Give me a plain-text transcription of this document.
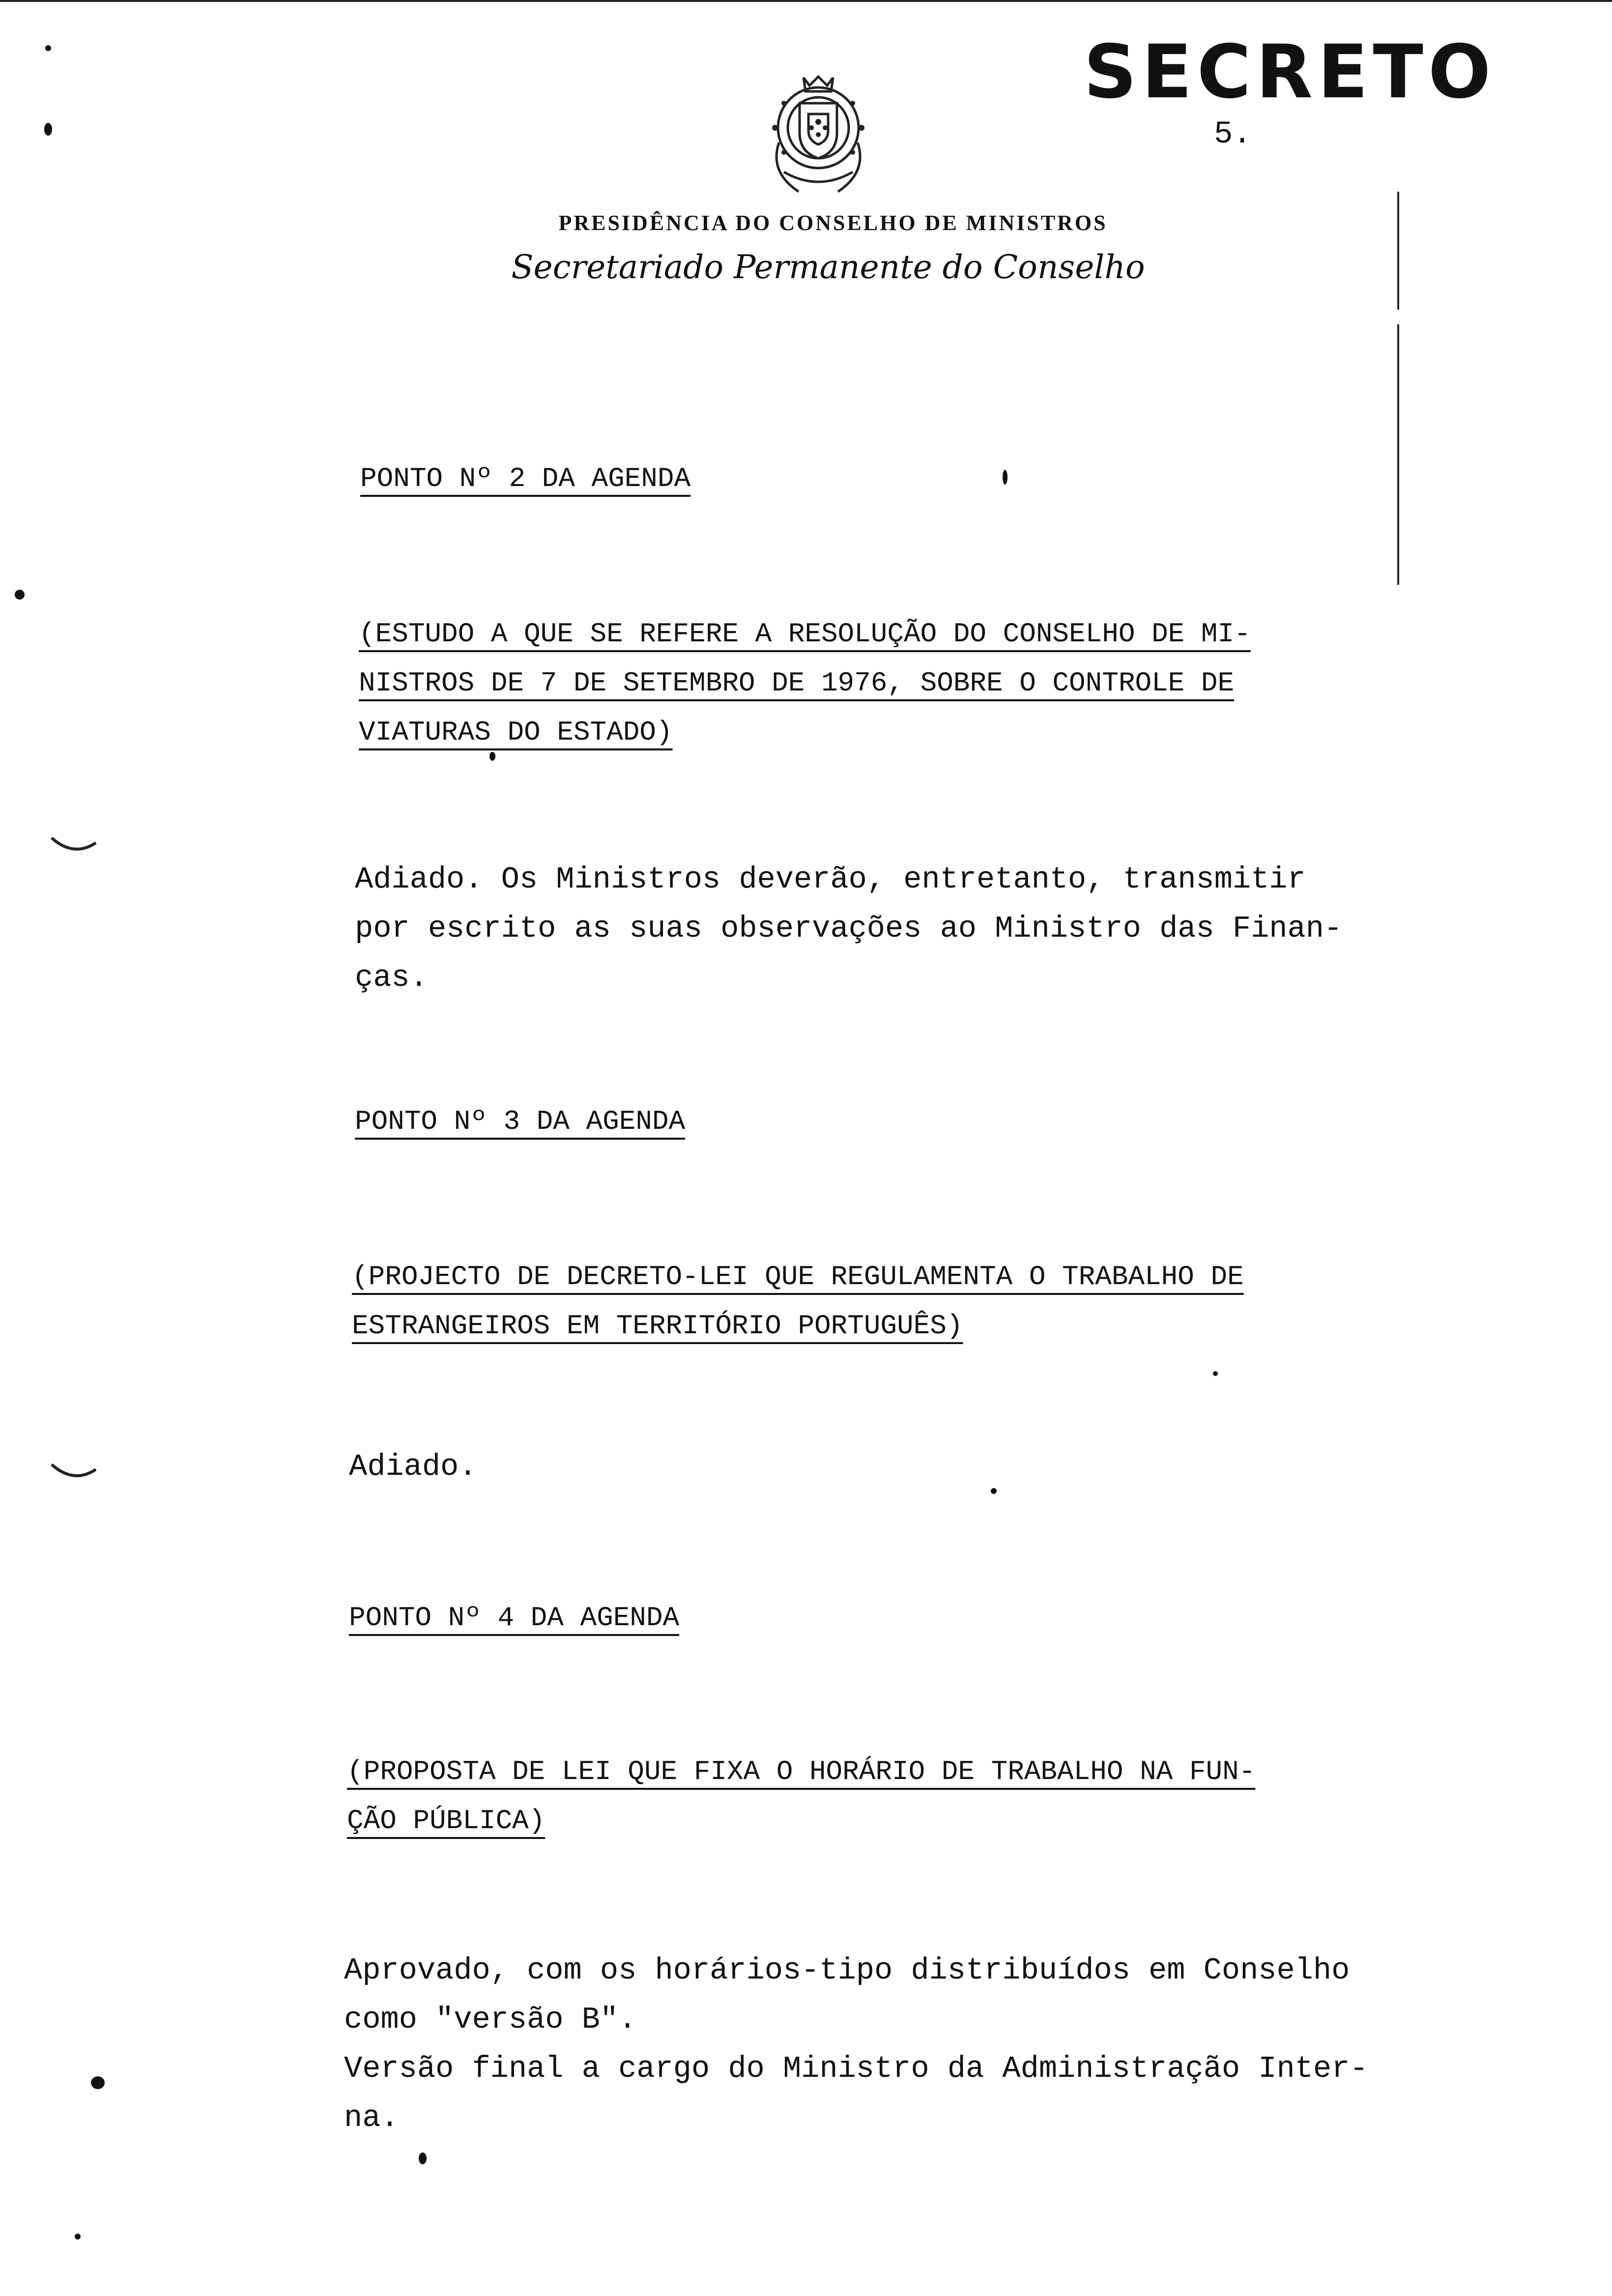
SECRETO
5.
PRESIDÊNCIA DO CONSELHO DE MINISTROS
Secretariado Permanente do Conselho
PONTO Nº 2 DA AGENDA
(ESTUDO A QUE SE REFERE A RESOLUÇÃO DO CONSELHO DE MI-
NISTROS DE 7 DE SETEMBRO DE 1976, SOBRE O CONTROLE DE
VIATURAS DO ESTADO)
Adiado. Os Ministros deverão, entretanto, transmitir
por escrito as suas observações ao Ministro das Finan-
ças.
PONTO Nº 3 DA AGENDA
(PROJECTO DE DECRETO-LEI QUE REGULAMENTA O TRABALHO DE
ESTRANGEIROS EM TERRITÓRIO PORTUGUÊS)
Adiado.
PONTO Nº 4 DA AGENDA
(PROPOSTA DE LEI QUE FIXA O HORÁRIO DE TRABALHO NA FUN-
ÇÃO PÚBLICA)
Aprovado, com os horários-tipo distribuídos em Conselho
como "versão B".
Versão final a cargo do Ministro da Administração Inter-
na.
